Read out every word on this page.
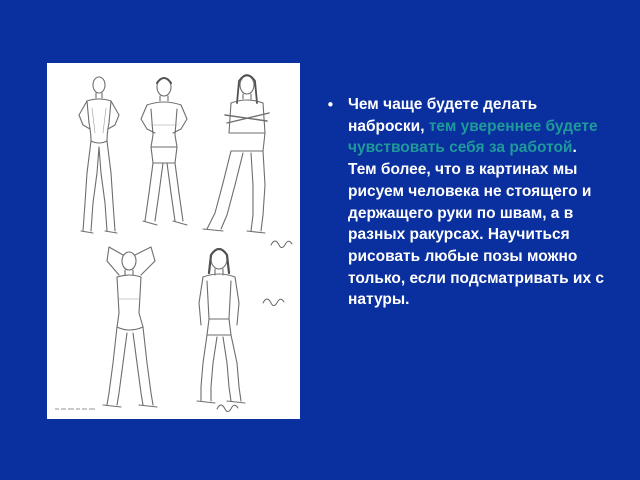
• Чем чаще будете делать наброски, тем увереннее будете чувствовать себя за работой. Тем более, что в картинах мы рисуем человека не стоящего и держащего руки по швам, а в разных ракурсах. Научиться рисовать любые позы можно только, если подсматривать их с натуры.
